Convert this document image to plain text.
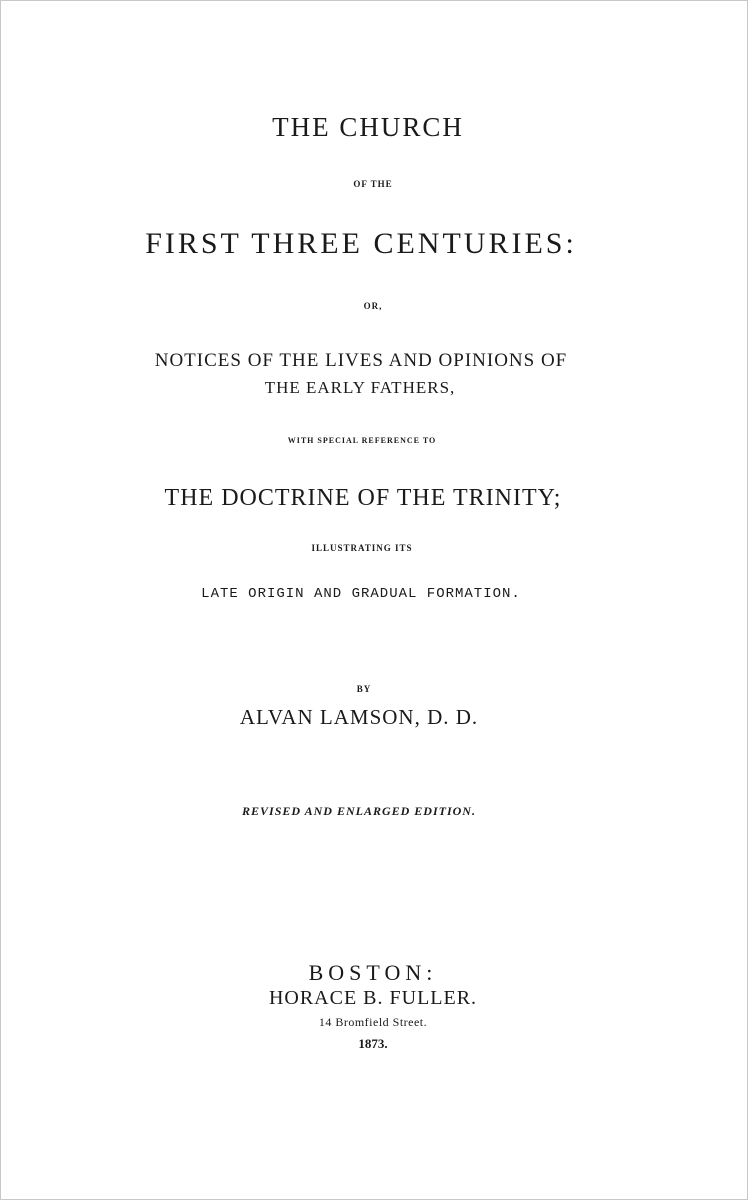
THE CHURCH
OF THE
FIRST THREE CENTURIES:
OR,
NOTICES OF THE LIVES AND OPINIONS OF
THE EARLY FATHERS,
WITH SPECIAL REFERENCE TO
THE DOCTRINE OF THE TRINITY;
ILLUSTRATING ITS
LATE ORIGIN AND GRADUAL FORMATION.
BY
ALVAN LAMSON, D. D.
REVISED AND ENLARGED EDITION.
BOSTON:
HORACE B. FULLER.
14 Bromfield Street.
1873.
